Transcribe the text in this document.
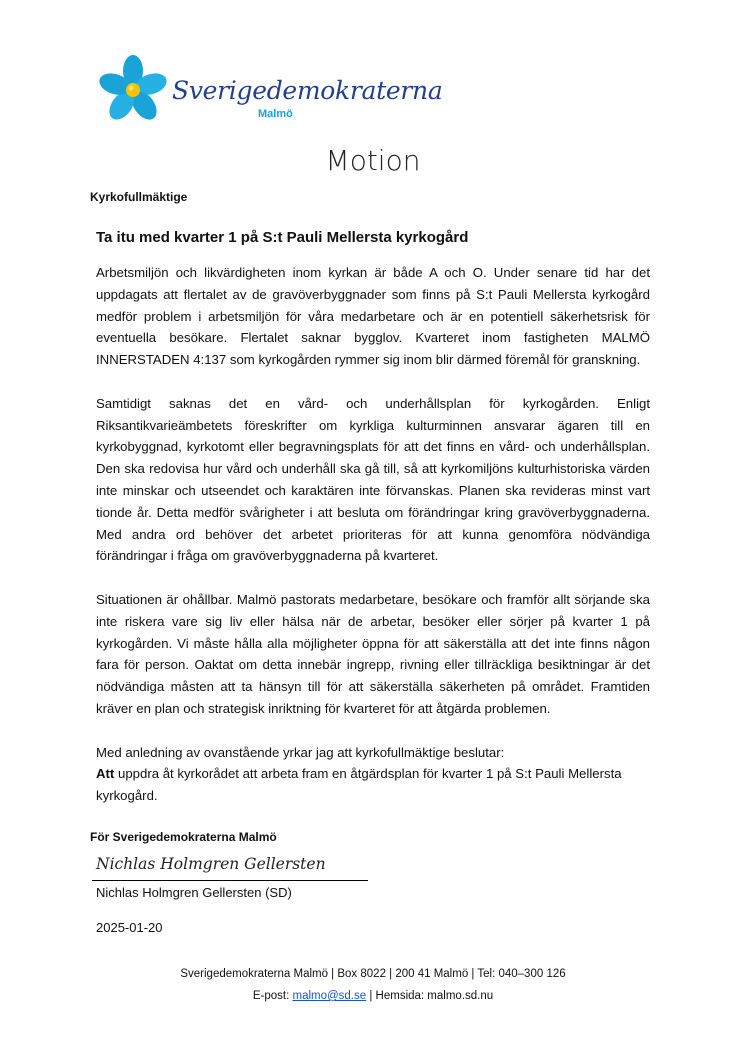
Sverigedemokraterna
Malmö
Motion
Kyrkofullmäktige
Ta itu med kvarter 1 på S:t Pauli Mellersta kyrkogård

Arbetsmiljön och likvärdigheten inom kyrkan är både A och O. Under senare tid har det uppdagats att flertalet av de gravöverbyggnader som finns på S:t Pauli Mellersta kyrkogård medför problem i arbetsmiljön för våra medarbetare och är en potentiell säkerhetsrisk för eventuella besökare. Flertalet saknar bygglov. Kvarteret inom fastigheten MALMÖ INNERSTADEN 4:137 som kyrkogården rymmer sig inom blir därmed föremål för granskning.

Samtidigt saknas det en vård- och underhållsplan för kyrkogården. Enligt Riksantikvarieämbetets föreskrifter om kyrkliga kulturminnen ansvarar ägaren till en kyrkobyggnad, kyrkotomt eller begravningsplats för att det finns en vård- och underhållsplan. Den ska redovisa hur vård och underhåll ska gå till, så att kyrkomiljöns kulturhistoriska värden inte minskar och utseendet och karaktären inte förvanskas. Planen ska revideras minst vart tionde år. Detta medför svårigheter i att besluta om förändringar kring gravöverbyggnaderna. Med andra ord behöver det arbetet prioriteras för att kunna genomföra nödvändiga förändringar i fråga om gravöverbyggnaderna på kvarteret.

Situationen är ohållbar. Malmö pastorats medarbetare, besökare och framför allt sörjande ska inte riskera vare sig liv eller hälsa när de arbetar, besöker eller sörjer på kvarter 1 på kyrkogården. Vi måste hålla alla möjligheter öppna för att säkerställa att det inte finns någon fara för person. Oaktat om detta innebär ingrepp, rivning eller tillräckliga besiktningar är det nödvändiga måsten att ta hänsyn till för att säkerställa säkerheten på området. Framtiden kräver en plan och strategisk inriktning för kvarteret för att åtgärda problemen.

Med anledning av ovanstående yrkar jag att kyrkofullmäktige beslutar:
Att uppdra åt kyrkorådet att arbeta fram en åtgärdsplan för kvarter 1 på S:t Pauli Mellersta kyrkogård.

För Sverigedemokraterna Malmö
Nichlas Holmgren Gellersten
Nichlas Holmgren Gellersten (SD)
2025-01-20
Sverigedemokraterna Malmö | Box 8022 | 200 41 Malmö | Tel: 040–300 126
E-post: malmo@sd.se | Hemsida: malmo.sd.nu
